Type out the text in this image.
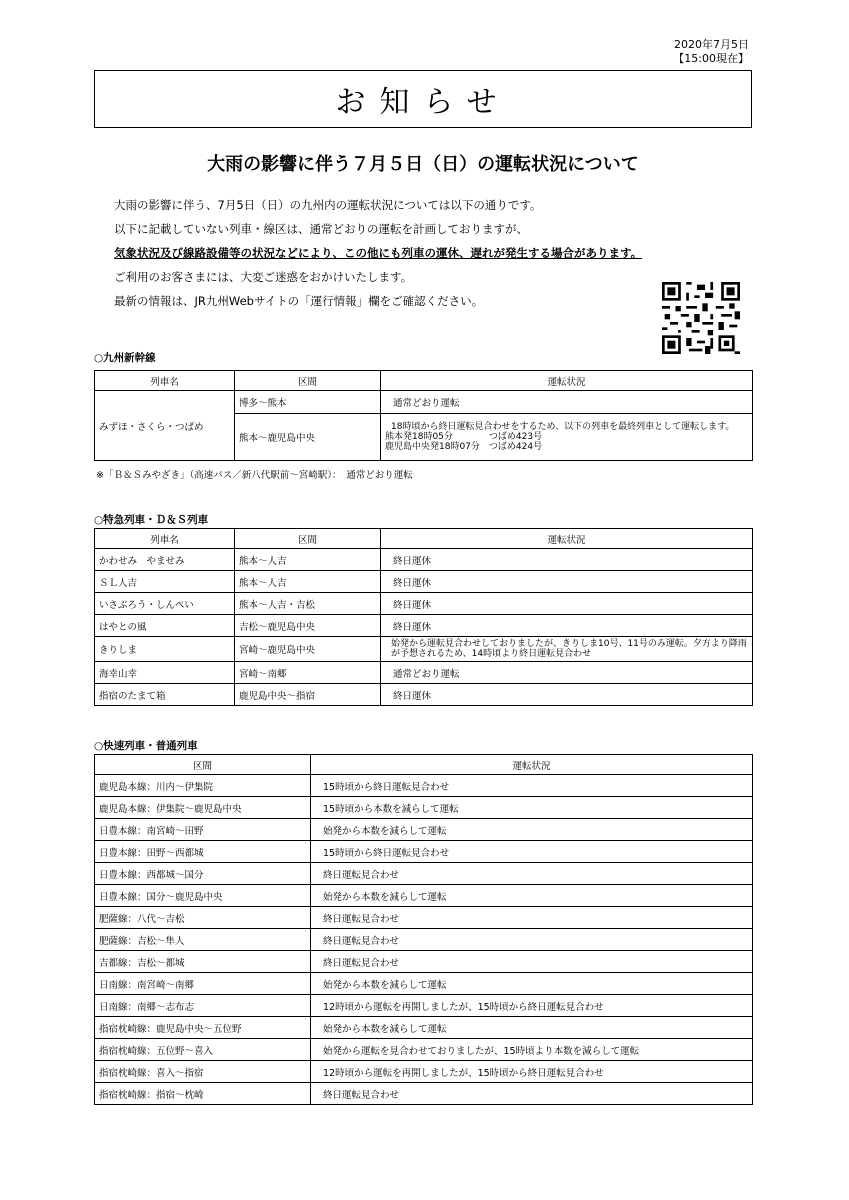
2020年7月5日
【15:00現在】
お知らせ
大雨の影響に伴う７月５日（日）の運転状況について

大雨の影響に伴う、7月5日（日）の九州内の運転状況については以下の通りです。

以下に記載していない列車・線区は、通常どおりの運転を計画しておりますが、

気象状況及び線路設備等の状況などにより、この他にも列車の運休、遅れが発生する場合があります。

ご利用のお客さまには、大変ご迷惑をおかけいたします。

最新の情報は、JR九州Webサイトの「運行情報」欄をご確認ください。

○九州新幹線
列車名	区間	運転状況
みずほ・さくら・つばめ	博多～熊本	通常どおり運転
	熊本～鹿児島中央	18時頃から終日運転見合わせをするため、以下の列車を最終列車として運転します。
熊本発18時05分　　　　つばめ423号
鹿児島中央発18時07分　つばめ424号
※「Ｂ＆Ｓみやざき」（高速バス／新八代駅前～宮崎駅）：　通常どおり運転
○特急列車・Ｄ＆Ｓ列車
列車名	区間	運転状況
かわせみ　やませみ	熊本～人吉	終日運休
ＳＬ人吉	熊本～人吉	終日運休
いさぶろう・しんぺい	熊本～人吉・吉松	終日運休
はやとの風	吉松～鹿児島中央	終日運休
きりしま	宮崎～鹿児島中央	始発から運転見合わせしておりましたが、きりしま10号、11号のみ運転。夕方より降雨が予想されるため、14時頃より終日運転見合わせ
海幸山幸	宮崎～南郷	通常どおり運転
指宿のたまて箱	鹿児島中央～指宿	終日運休
○快速列車・普通列車
区間	運転状況
鹿児島本線：川内～伊集院	15時頃から終日運転見合わせ
鹿児島本線：伊集院～鹿児島中央	15時頃から本数を減らして運転
日豊本線：南宮崎～田野	始発から本数を減らして運転
日豊本線：田野～西都城	15時頃から終日運転見合わせ
日豊本線：西都城～国分	終日運転見合わせ
日豊本線：国分～鹿児島中央	始発から本数を減らして運転
肥薩線：八代～吉松	終日運転見合わせ
肥薩線：吉松～隼人	終日運転見合わせ
吉都線：吉松～都城	終日運転見合わせ
日南線：南宮崎～南郷	始発から本数を減らして運転
日南線：南郷～志布志	12時頃から運転を再開しましたが、15時頃から終日運転見合わせ
指宿枕崎線：鹿児島中央～五位野	始発から本数を減らして運転
指宿枕崎線：五位野～喜入	始発から運転を見合わせておりましたが、15時頃より本数を減らして運転
指宿枕崎線：喜入～指宿	12時頃から運転を再開しましたが、15時頃から終日運転見合わせ
指宿枕崎線：指宿～枕崎	終日運転見合わせ
